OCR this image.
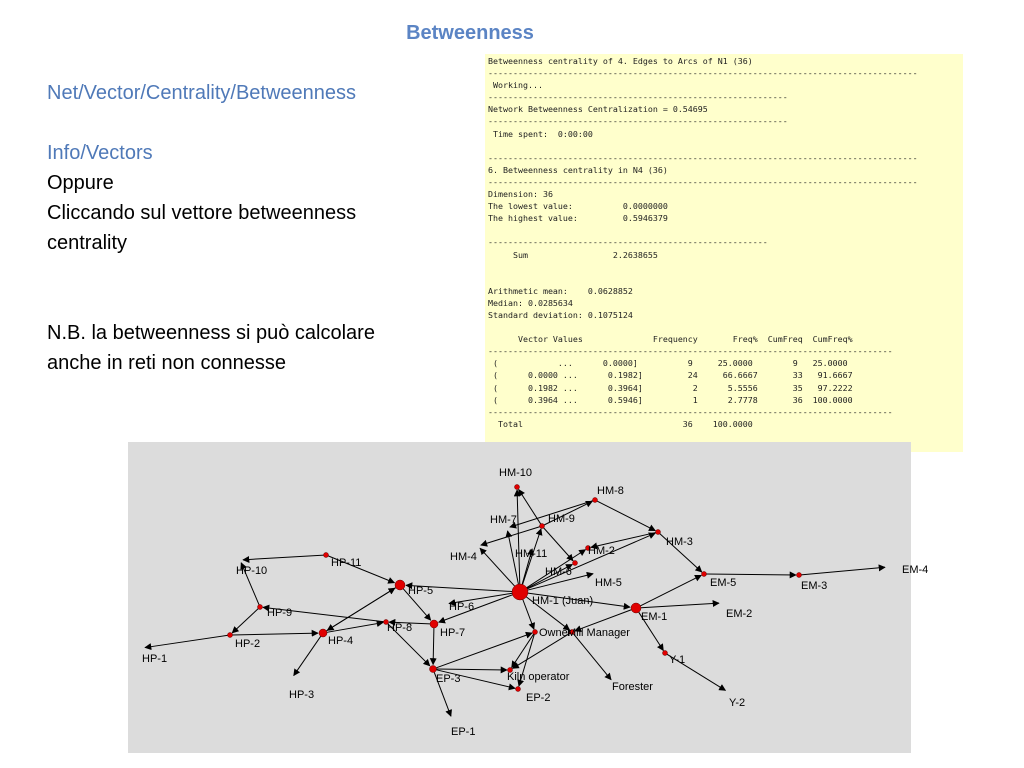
Betweenness

Net/Vector/Centrality/Betweenness

Info/Vectors

Oppure

Cliccando sul vettore betweenness

centrality

N.B. la betweenness si può calcolare

anche in reti non connesse

Betweenness centrality of 4. Edges to Arcs of N1 (36)
--------------------------------------------------------------------------------------
Working...
------------------------------------------------------------
Network Betweenness Centralization = 0.54695
------------------------------------------------------------
Time spent:  0:00:00

--------------------------------------------------------------------------------------
6. Betweenness centrality in N4 (36)
--------------------------------------------------------------------------------------
Dimension: 36
The lowest value:          0.0000000
The highest value:         0.5946379

--------------------------------------------------------
Sum                 2.2638655

Arithmetic mean:    0.0628852
Median: 0.0285634
Standard deviation: 0.1075124

Vector Values              Frequency       Freq%  CumFreq  CumFreq%
---------------------------------------------------------------------------------
(            ...      0.0000]          9     25.0000        9   25.0000
(      0.0000 ...      0.1982]         24     66.6667       33   91.6667
(      0.1982 ...      0.3964]          2      5.5556       35   97.2222
(      0.3964 ...      0.5946]          1      2.7778       36  100.0000
---------------------------------------------------------------------------------
Total                                36    100.0000

HM-10
HM-8
HM-7	HM-9
HM-3
HM-4	HM-11	HM-2
HM-6
HM-5
HM-1 (Juan)
HP-10
HP-11
HP-5
HP-6
HP-9
HP-8	HP-7
HP-2	HP-4
HP-1
HP-3
EM-5	EM-3
EM-4
EM-1	EM-2
Owner
Mill Manager
Y-1
Y-2
Kiln operator
EP-3
EP-2
EP-1
Forester
